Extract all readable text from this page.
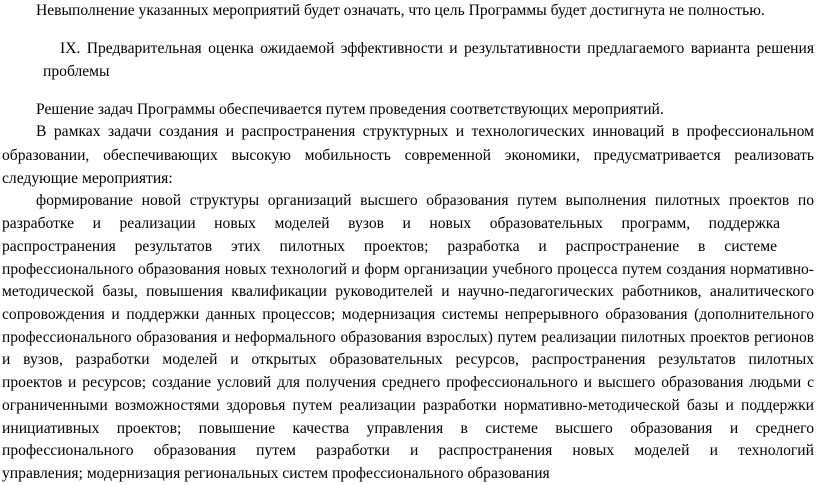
Невыполнение указанных мероприятий будет означать, что цель Программы будет достигнута не полностью.
IX. Предварительная оценка ожидаемой эффективности и результативности предлагаемого варианта решения
проблемы
Решение задач Программы обеспечивается путем проведения соответствующих мероприятий.
В рамках задачи создания и распространения структурных и технологических инноваций в профессиональном
образовании, обеспечивающих высокую мобильность современной экономики, предусматривается реализовать
следующие мероприятия:
формирование новой структуры организаций высшего образования путем выполнения пилотных проектов по
разработке и реализации новых моделей вузов и новых образовательных программ, поддержка
распространения результатов этих пилотных проектов; разработка и распространение в системе
профессионального образования новых технологий и форм организации учебного процесса путем создания нормативно-
методической базы, повышения квалификации руководителей и научно-педагогических работников, аналитического
сопровождения и поддержки данных процессов; модернизация системы непрерывного образования (дополнительного
профессионального образования и неформального образования взрослых) путем реализации пилотных проектов регионов
и вузов, разработки моделей и открытых образовательных ресурсов, распространения результатов пилотных
проектов и ресурсов; создание условий для получения среднего профессионального и высшего образования людьми с
ограниченными возможностями здоровья путем реализации разработки нормативно-методической базы и поддержки
инициативных проектов; повышение качества управления в системе высшего образования и среднего
профессионального образования путем разработки и распространения новых моделей и технологий
управления; модернизация региональных систем профессионального образования
